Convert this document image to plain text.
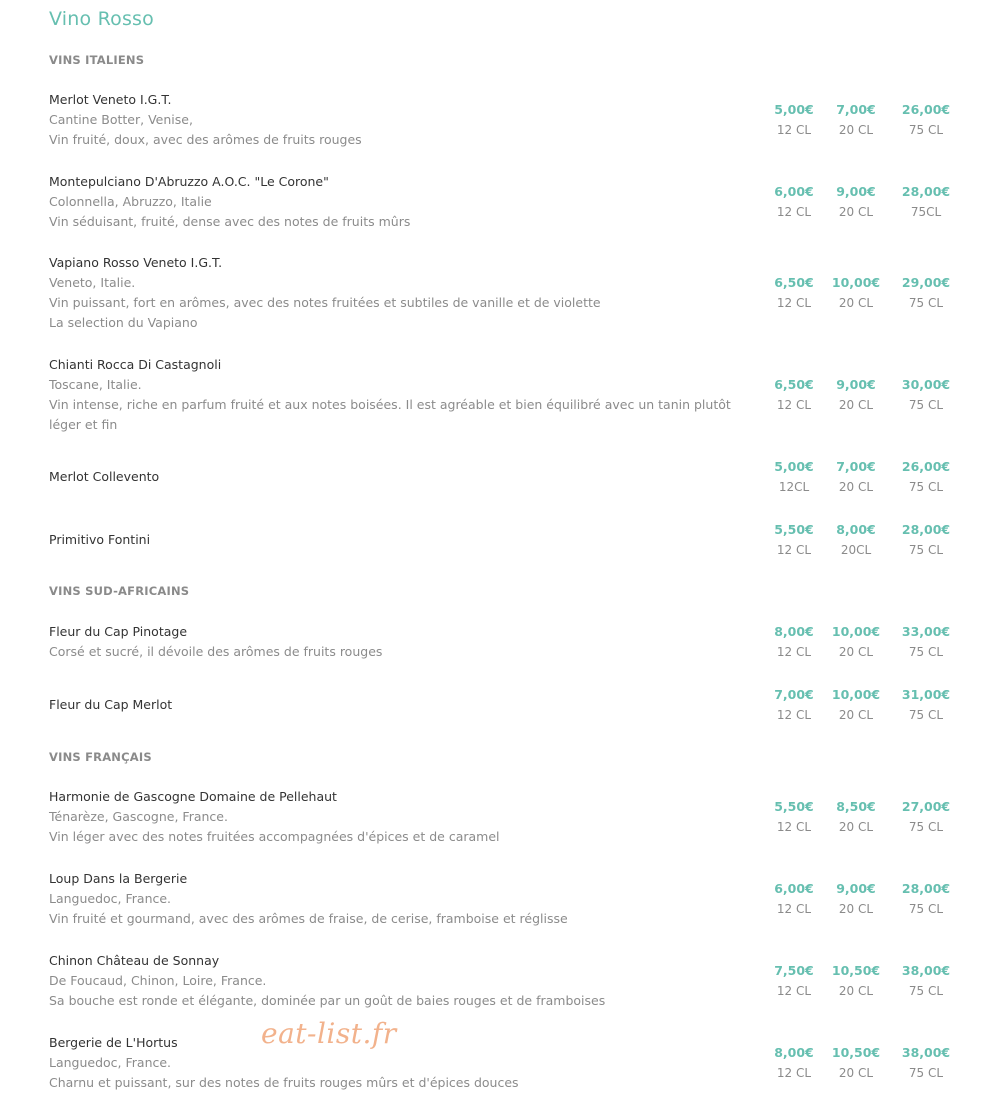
Vino Rosso
VINS ITALIENS
Merlot Veneto I.G.T.
Cantine Botter, Venise,
Vin fruité, doux, avec des arômes de fruits rouges
5,00€
12 CL
7,00€
20 CL
26,00€
75 CL
Montepulciano D'Abruzzo A.O.C. "Le Corone"
Colonnella, Abruzzo, Italie
Vin séduisant, fruité, dense avec des notes de fruits mûrs
6,00€
12 CL
9,00€
20 CL
28,00€
75CL
Vapiano Rosso Veneto I.G.T.
Veneto, Italie.
Vin puissant, fort en arômes, avec des notes fruitées et subtiles de vanille et de violette
La selection du Vapiano
6,50€
12 CL
10,00€
20 CL
29,00€
75 CL
Chianti Rocca Di Castagnoli
Toscane, Italie.
Vin intense, riche en parfum fruité et aux notes boisées. Il est agréable et bien équilibré avec un tanin plutôt léger et fin
6,50€
12 CL
9,00€
20 CL
30,00€
75 CL
Merlot Collevento
5,00€
12CL
7,00€
20 CL
26,00€
75 CL
Primitivo Fontini
5,50€
12 CL
8,00€
20CL
28,00€
75 CL
VINS SUD-AFRICAINS
Fleur du Cap Pinotage
Corsé et sucré, il dévoile des arômes de fruits rouges
8,00€
12 CL
10,00€
20 CL
33,00€
75 CL
Fleur du Cap Merlot
7,00€
12 CL
10,00€
20 CL
31,00€
75 CL
VINS FRANÇAIS
Harmonie de Gascogne Domaine de Pellehaut
Ténarèze, Gascogne, France.
Vin léger avec des notes fruitées accompagnées d'épices et de caramel
5,50€
12 CL
8,50€
20 CL
27,00€
75 CL
Loup Dans la Bergerie
Languedoc, France.
Vin fruité et gourmand, avec des arômes de fraise, de cerise, framboise et réglisse
6,00€
12 CL
9,00€
20 CL
28,00€
75 CL
Chinon Château de Sonnay
De Foucaud, Chinon, Loire, France.
Sa bouche est ronde et élégante, dominée par un goût de baies rouges et de framboises
7,50€
12 CL
10,50€
20 CL
38,00€
75 CL
Bergerie de L'Hortus
Languedoc, France.
Charnu et puissant, sur des notes de fruits rouges mûrs et d'épices douces
8,00€
12 CL
10,50€
20 CL
38,00€
75 CL
eat-list.fr
